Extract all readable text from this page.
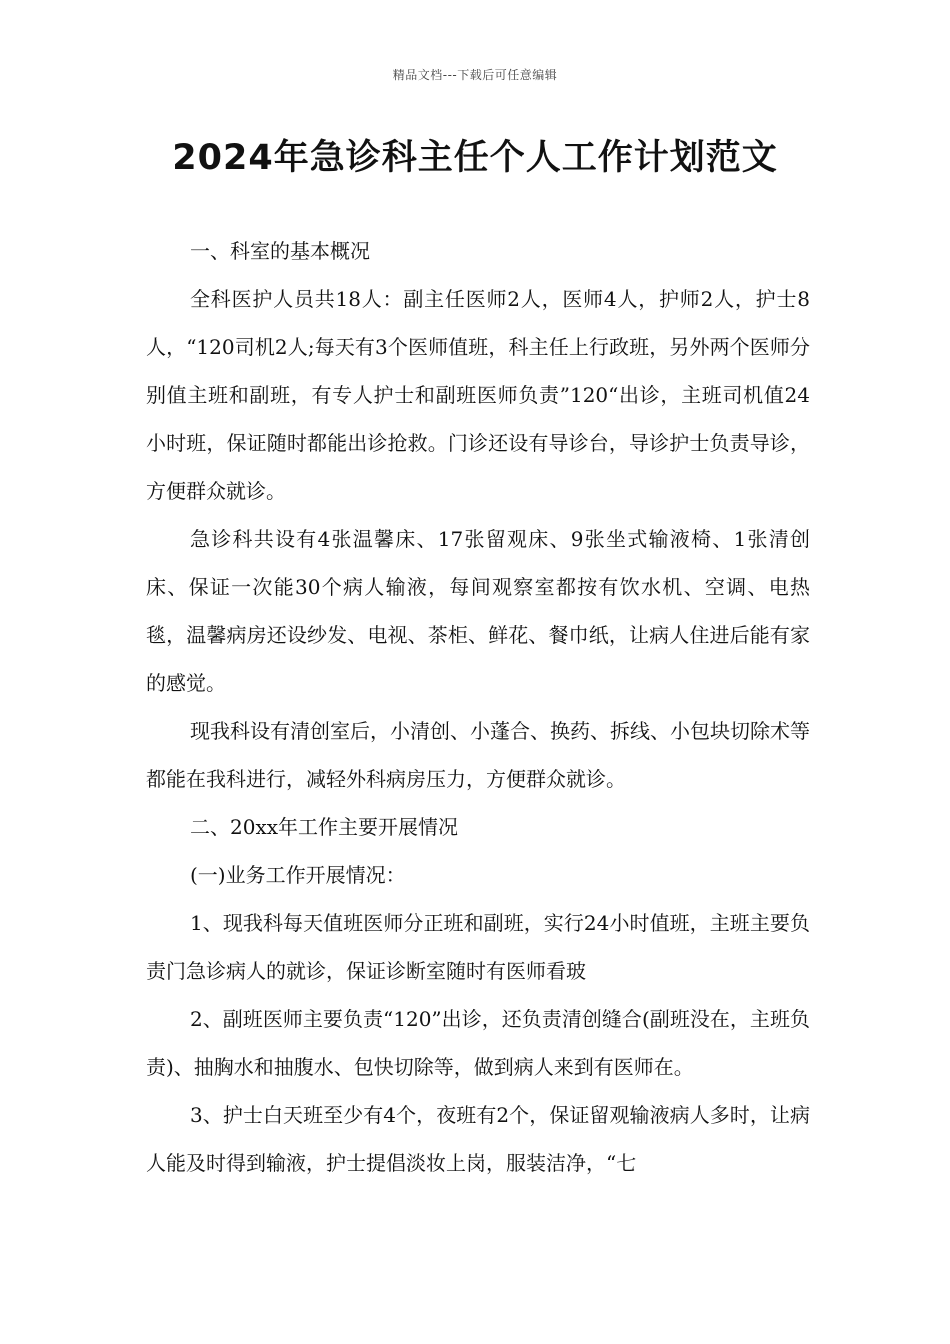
精品文档---下载后可任意编辑
2024年急诊科主任个人工作计划范文

一、科室的基本概况

全科医护人员共18人：副主任医师2人，医师4人，护师2人，护士8人，“120司机2人;每天有3个医师值班，科主任上行政班，另外两个医师分别值主班和副班，有专人护士和副班医师负责”120“出诊，主班司机值24小时班，保证随时都能出诊抢救。门诊还设有导诊台，导诊护士负责导诊，方便群众就诊。

急诊科共设有4张温馨床、17张留观床、9张坐式输液椅、1张清创床、保证一次能30个病人输液，每间观察室都按有饮水机、空调、电热毯，温馨病房还设纱发、电视、茶柜、鲜花、餐巾纸，让病人住进后能有家的感觉。

现我科设有清创室后，小清创、小蓬合、换药、拆线、小包块切除术等都能在我科进行，减轻外科病房压力，方便群众就诊。

二、20xx年工作主要开展情况

(一)业务工作开展情况：

1、现我科每天值班医师分正班和副班，实行24小时值班，主班主要负责门急诊病人的就诊，保证诊断室随时有医师看玻

2、副班医师主要负责“120”出诊，还负责清创缝合(副班没在，主班负责)、抽胸水和抽腹水、包快切除等，做到病人来到有医师在。

3、护士白天班至少有4个，夜班有2个，保证留观输液病人多时，让病人能及时得到输液，护士提倡淡妆上岗，服装洁净，“七
